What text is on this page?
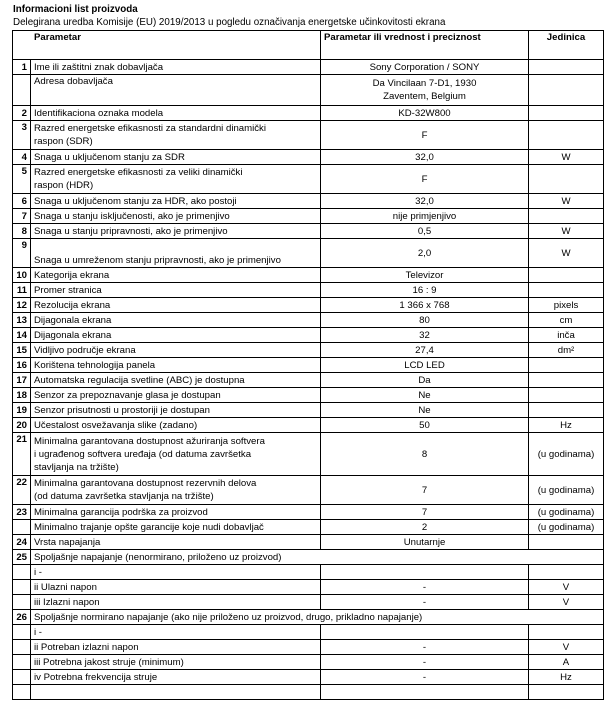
Informacioni list proizvoda
Delegirana uredba Komisije (EU) 2019/2013 u pogledu označivanja energetske učinkovitosti ekrana
Parametar		Parametar ili vrednost i preciznost	Jedinica
1	Ime ili zaštitni znak dobavljača	Sony Corporation / SONY	
	Adresa dobavljača	Da Vincilaan 7-D1, 1930
Zaventem, Belgium	

2	Identifikaciona oznaka modela	KD-32W800	
3	Razred energetske efikasnosti za standardni dinamički
raspon (SDR)	F	
4	Snaga u uključenom stanju za SDR	32,0	W
5	Razred energetske efikasnosti za veliki dinamički
raspon (HDR)	F	
6	Snaga u uključenom stanju za HDR, ako postoji	32,0	W
7	Snaga u stanju isključenosti, ako je primenjivo	nije primjenjivo	
8	Snaga u stanju pripravnosti, ako je primenjivo	0,5	W
9	Snaga u umreženom stanju pripravnosti, ako je primenjivo	2,0	W
10	Kategorija ekrana	Televizor	
11	Promer stranica	16 : 9	
12	Rezolucija ekrana	1 366 x 768	pixels
13	Dijagonala ekrana	80	cm
14	Dijagonala ekrana	32	inča
15	Vidljivo područje ekrana	27,4	dm²
16	Korištena tehnologija panela	LCD LED	
17	Automatska regulacija svetline (ABC) je dostupna	Da	
18	Senzor za prepoznavanje glasa je dostupan	Ne	
19	Senzor prisutnosti u prostoriji je dostupan	Ne	
20	Učestalost osvežavanja slike (zadano)	50	Hz
21	Minimalna garantovana dostupnost ažuriranja softvera
i ugrađenog softvera uređaja (od datuma završetka
stavljanja na tržište)	8	(u godinama)
22	Minimalna garantovana dostupnost rezervnih delova
(od datuma završetka stavljanja na tržište)	7	(u godinama)
23	Minimalna garancija podrška za proizvod	7	(u godinama)
	Minimalno trajanje opšte garancije koje nudi dobavljač	2	(u godinama)
24	Vrsta napajanja	Unutarnje	
25	Spoljašnje napajanje (nenormirano, priloženo uz proizvod)		
	i -		
	ii Ulazni napon	-	V
	iii Izlazni napon	-	V
26	Spoljašnje normirano napajanje (ako nije priloženo uz proizvod, drugo, prikladno napajanje)		
	i -		
	ii Potreban izlazni napon	-	V
	iii Potrebna jakost struje (minimum)	-	A
	iv Potrebna frekvencija struje	-	Hz
